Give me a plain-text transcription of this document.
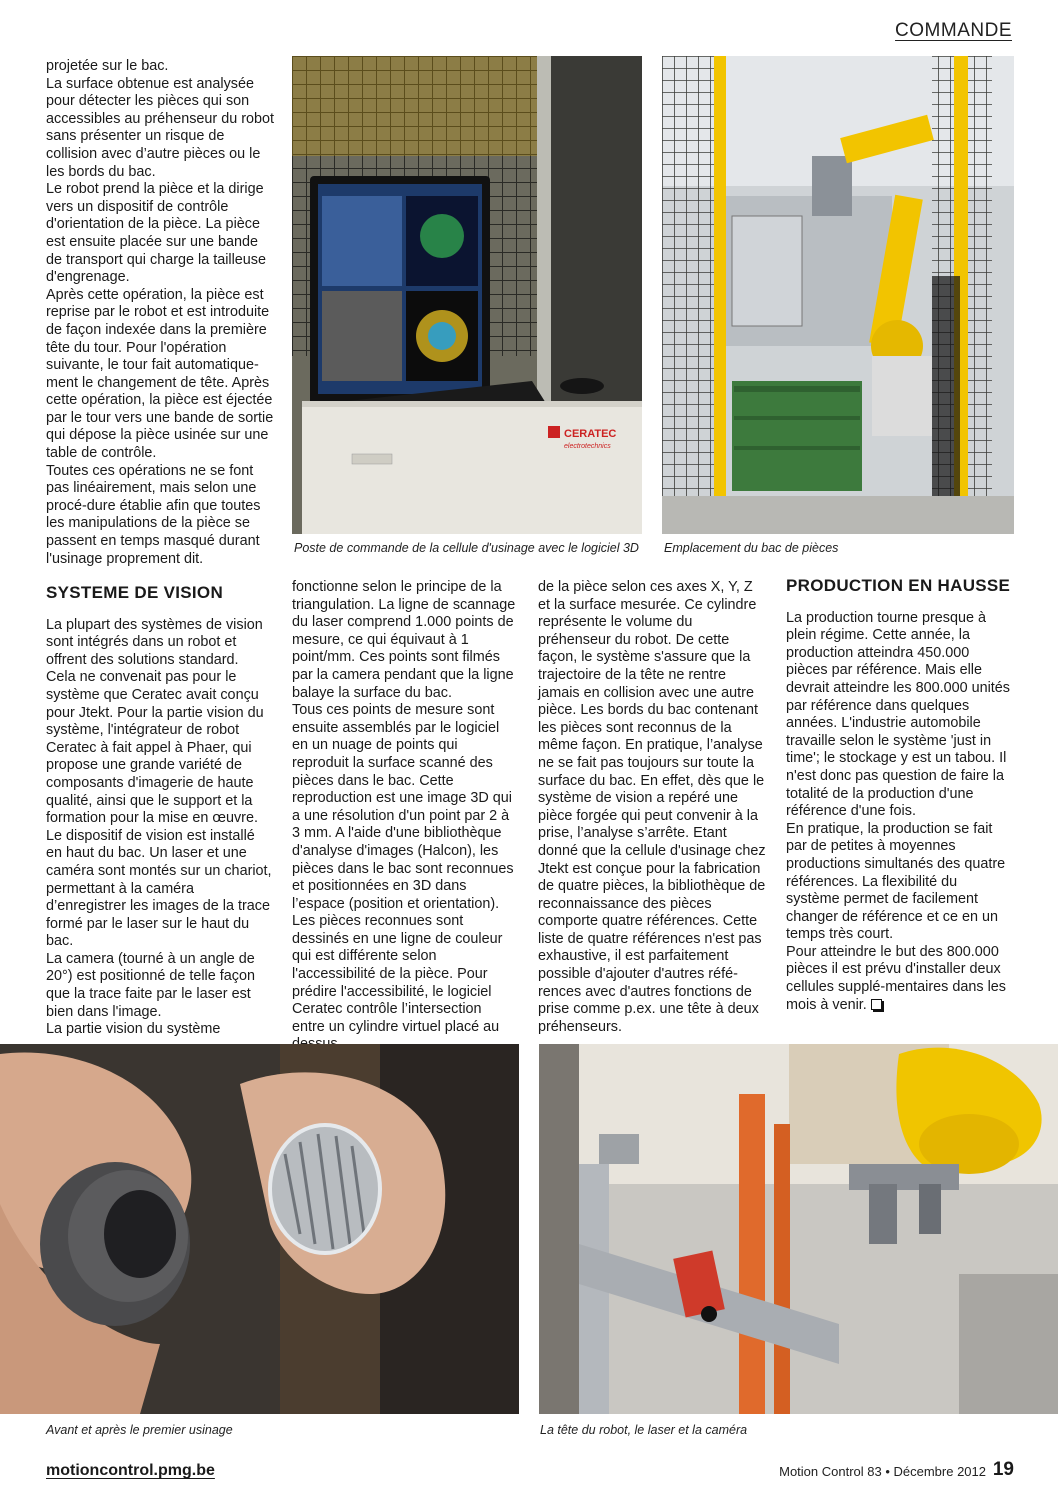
COMMANDE

projetée sur le bac.

La surface obtenue est analysée pour détecter les pièces qui son accessibles au préhenseur du robot sans présenter un risque de collision avec d’autre pièces ou le les bords du bac.

Le robot prend la pièce et la dirige vers un dispositif de contrôle d'orientation de la pièce. La pièce est ensuite placée sur une bande de transport qui charge la tailleuse d'engrenage.

Après cette opération, la pièce est reprise par le robot et est introduite de façon indexée dans la première tête du tour. Pour l'opération suivante, le tour fait automatique-ment le changement de tête. Après cette opération, la pièce est éjectée par le tour vers une bande de sortie qui dépose la pièce usinée sur une table de contrôle.

Toutes ces opérations ne se font pas linéairement, mais selon une procé-dure établie afin que toutes les manipulations de la pièce se passent en temps masqué durant l'usinage proprement dit.

CERATEC
electrotechnics
Poste de commande de la cellule d'usinage avec le logiciel 3D Emplacement du bac de pièces
SYSTEME DE VISION

La plupart des systèmes de vision sont intégrés dans un robot et offrent des solutions standard.

Cela ne convenait pas pour le système que Ceratec avait conçu pour Jtekt. Pour la partie vision du système, l'intégrateur de robot Ceratec à fait appel à Phaer, qui propose une grande variété de composants d'imagerie de haute qualité, ainsi que le support et la formation pour la mise en œuvre.

Le dispositif de vision est installé en haut du bac. Un laser et une caméra sont montés sur un chariot, permettant à la caméra d’enregistrer les images de la trace formé par le laser sur le haut du bac.

La camera (tourné à un angle de 20°) est positionné de telle façon que la trace faite par le laser est bien dans l'image.

La partie vision du système

fonctionne selon le principe de la triangulation. La ligne de scannage du laser comprend 1.000 points de mesure, ce qui équivaut à 1 point/mm. Ces points sont filmés par la camera pendant que la ligne balaye la surface du bac.

Tous ces points de mesure sont ensuite assemblés par le logiciel en un nuage de points qui reproduit la surface scanné des pièces dans le bac. Cette reproduction est une image 3D qui a une résolution d'un point par 2 à 3 mm. A l'aide d'une bibliothèque d'analyse d'images (Halcon), les pièces dans le bac sont reconnues et positionnées en 3D dans l’espace (position et orientation). Les pièces reconnues sont dessinés en une ligne de couleur qui est différente selon l'accessibilité de la pièce. Pour prédire l'accessibilité, le logiciel Ceratec contrôle l’intersection entre un cylindre virtuel placé au

de la pièce selon ces axes X, Y, Z et la surface mesurée. Ce cylindre représente le volume du préhenseur du robot. De cette façon, le système s'assure que la trajectoire de la tête ne rentre jamais en collision avec une autre pièce. Les bords du bac contenant les pièces sont reconnus de la même façon. En pratique, l’analyse ne se fait pas toujours sur toute la surface du bac. En effet, dès que le système de vision a repéré une pièce forgée qui peut convenir à la prise, l’analyse s’arrête. Etant donné que la cellule d'usinage chez Jtekt est conçue pour la fabrication de quatre pièces, la bibliothèque de reconnaissance des pièces comporte quatre références. Cette liste de quatre références n'est pas exhaustive, il est parfaitement possible d'ajouter d'autres réfé-rences avec d'autres fonctions de prise comme p.ex. une tête à deux préhenseurs.

PRODUCTION EN HAUSSE

La production tourne presque à plein régime. Cette année, la production atteindra 450.000 pièces par référence. Mais elle devrait atteindre les 800.000 unités par référence dans quelques années. L'industrie automobile travaille selon le système 'just in time'; le stockage y est un tabou. Il n'est donc pas question de faire la totalité de la production d'une référence d'une fois.

En pratique, la production se fait par de petites à moyennes productions simultanés des quatre références. La flexibilité du système permet de facilement changer de référence et ce en un temps très court.

Pour atteindre le but des 800.000 pièces il est prévu d'installer deux cellules supplé-mentaires dans les mois à venir.

Avant et après le premier usinage	La tête du robot, le laser et la caméra
motioncontrol.pmg.be	Motion Control 83 • Décembre 2012 19
